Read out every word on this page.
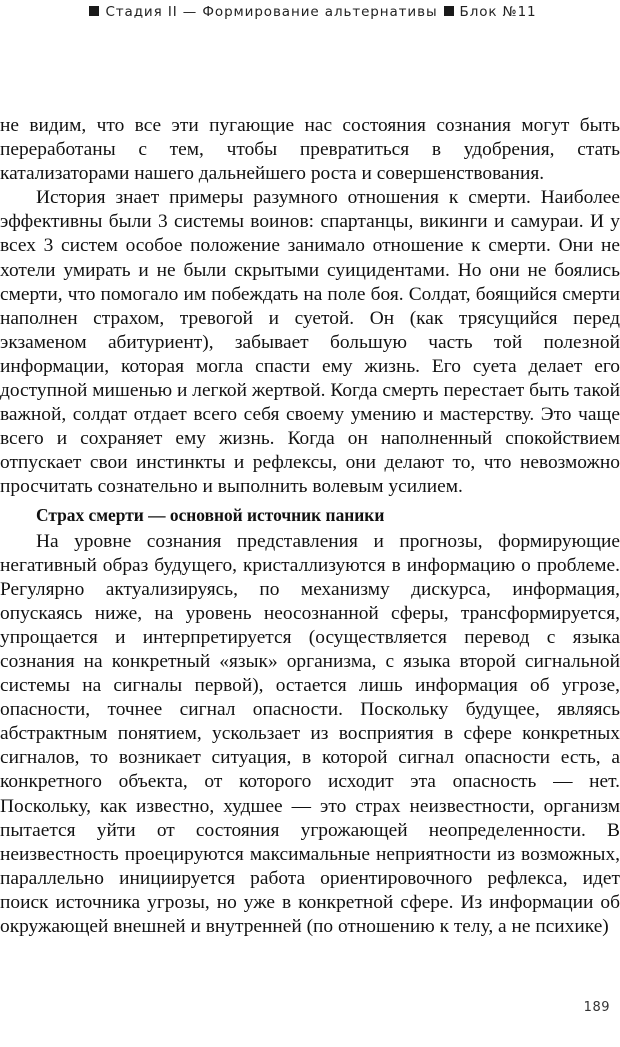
Стадия II — Формирование альтернативы Блок №11

не видим, что все эти пугающие нас состояния сознания могут быть переработаны с тем, чтобы превратиться в удобрения, стать катализаторами нашего дальнейшего роста и совершенствования.

История знает примеры разумного отношения к смерти. Наиболее эффективны были 3 системы воинов: спартанцы, викинги и самураи. И у всех 3 систем особое положение занимало отношение к смерти. Они не хотели умирать и не были скрытыми суицидентами. Но они не боялись смерти, что помогало им побеждать на поле боя. Солдат, боящийся смерти наполнен страхом, тревогой и суетой. Он (как трясущийся перед экзаменом абитуриент), забывает большую часть той полезной информации, которая могла спасти ему жизнь. Его суета делает его доступной мишенью и легкой жертвой. Когда смерть перестает быть такой важной, солдат отдает всего себя своему умению и мастерству. Это чаще всего и сохраняет ему жизнь. Когда он наполненный спокойствием отпускает свои инстинкты и рефлексы, они делают то, что невозможно просчитать сознательно и выполнить волевым усилием.

Страх смерти — основной источник паники

На уровне сознания представления и прогнозы, формирующие негативный образ будущего, кристаллизуются в информацию о проблеме. Регулярно актуализируясь, по механизму дискурса, информация, опускаясь ниже, на уровень неосознанной сферы, трансформируется, упрощается и интерпретируется (осуществляется перевод с языка сознания на конкретный «язык» организма, с языка второй сигнальной системы на сигналы первой), остается лишь информация об угрозе, опасности, точнее сигнал опасности. Поскольку будущее, являясь абстрактным понятием, ускользает из восприятия в сфере конкретных сигналов, то возникает ситуация, в которой сигнал опасности есть, а конкретного объекта, от которого исходит эта опасность — нет. Поскольку, как известно, худшее — это страх неизвестности, организм пытается уйти от состояния угрожающей неопределенности. В неизвестность проецируются максимальные неприятности из возможных, параллельно инициируется работа ориентировочного рефлекса, идет поиск источника угрозы, но уже в конкретной сфере. Из информации об окружающей внешней и внутренней (по отношению к телу, а не психике)

189
